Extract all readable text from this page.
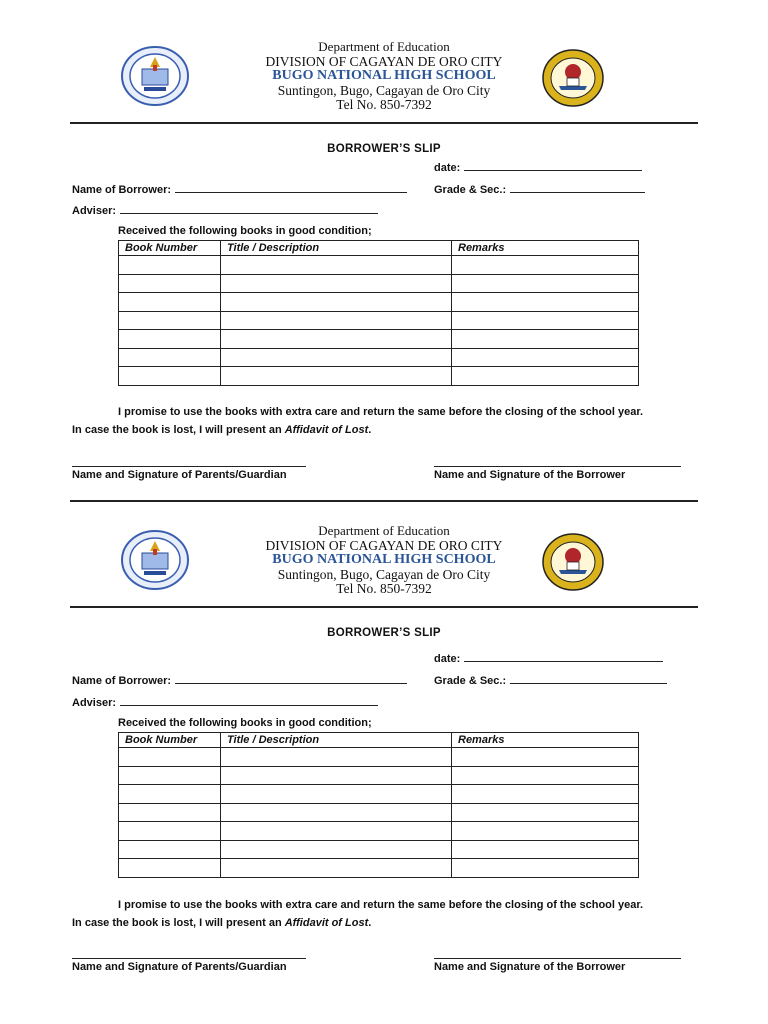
Department of Education
DIVISION OF CAGAYAN DE ORO CITY
BUGO NATIONAL HIGH SCHOOL
Suntingon, Bugo, Cagayan de Oro City
Tel No. 850-7392
BORROWER’S SLIP
date:
Name of Borrower:	Grade & Sec.:
Adviser:
Received the following books in good condition;
Book Number	Title / Description	Remarks

I promise to use the books with extra care and return the same before the closing of the school year.
In case the book is lost, I will present an Affidavit of Lost.
Name and Signature of Parents/Guardian	Name and Signature of the Borrower
Department of Education
DIVISION OF CAGAYAN DE ORO CITY
BUGO NATIONAL HIGH SCHOOL
Suntingon, Bugo, Cagayan de Oro City
Tel No. 850-7392
BORROWER’S SLIP
date:
Name of Borrower:	Grade & Sec.:
Adviser:
Received the following books in good condition;
Book Number	Title / Description	Remarks

I promise to use the books with extra care and return the same before the closing of the school year.
In case the book is lost, I will present an Affidavit of Lost.
Name and Signature of Parents/Guardian	Name and Signature of the Borrower
